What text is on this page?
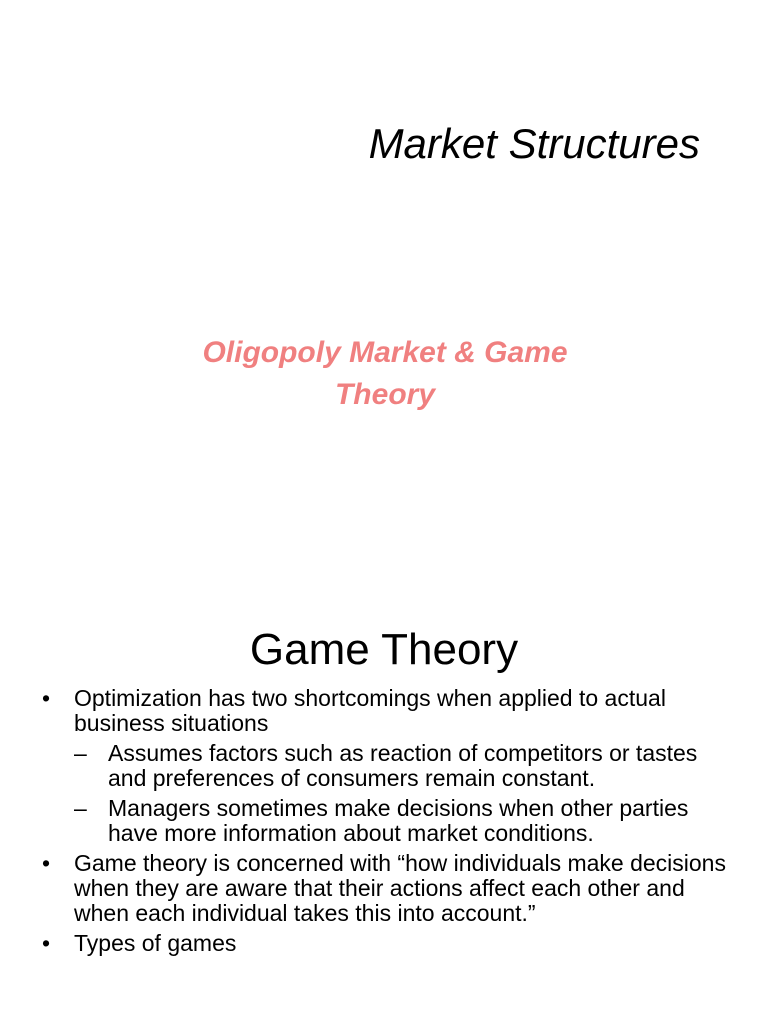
Market Structures
Oligopoly Market & Game Theory
Game Theory
•	Optimization has two shortcomings when applied to actual business situations
– Assumes factors such as reaction of competitors or tastes and preferences of consumers remain constant.
– Managers sometimes make decisions when other parties have more information about market conditions.
•	Game theory is concerned with “how individuals make decisions when they are aware that their actions affect each other and when each individual takes this into account.”
•	Types of games
